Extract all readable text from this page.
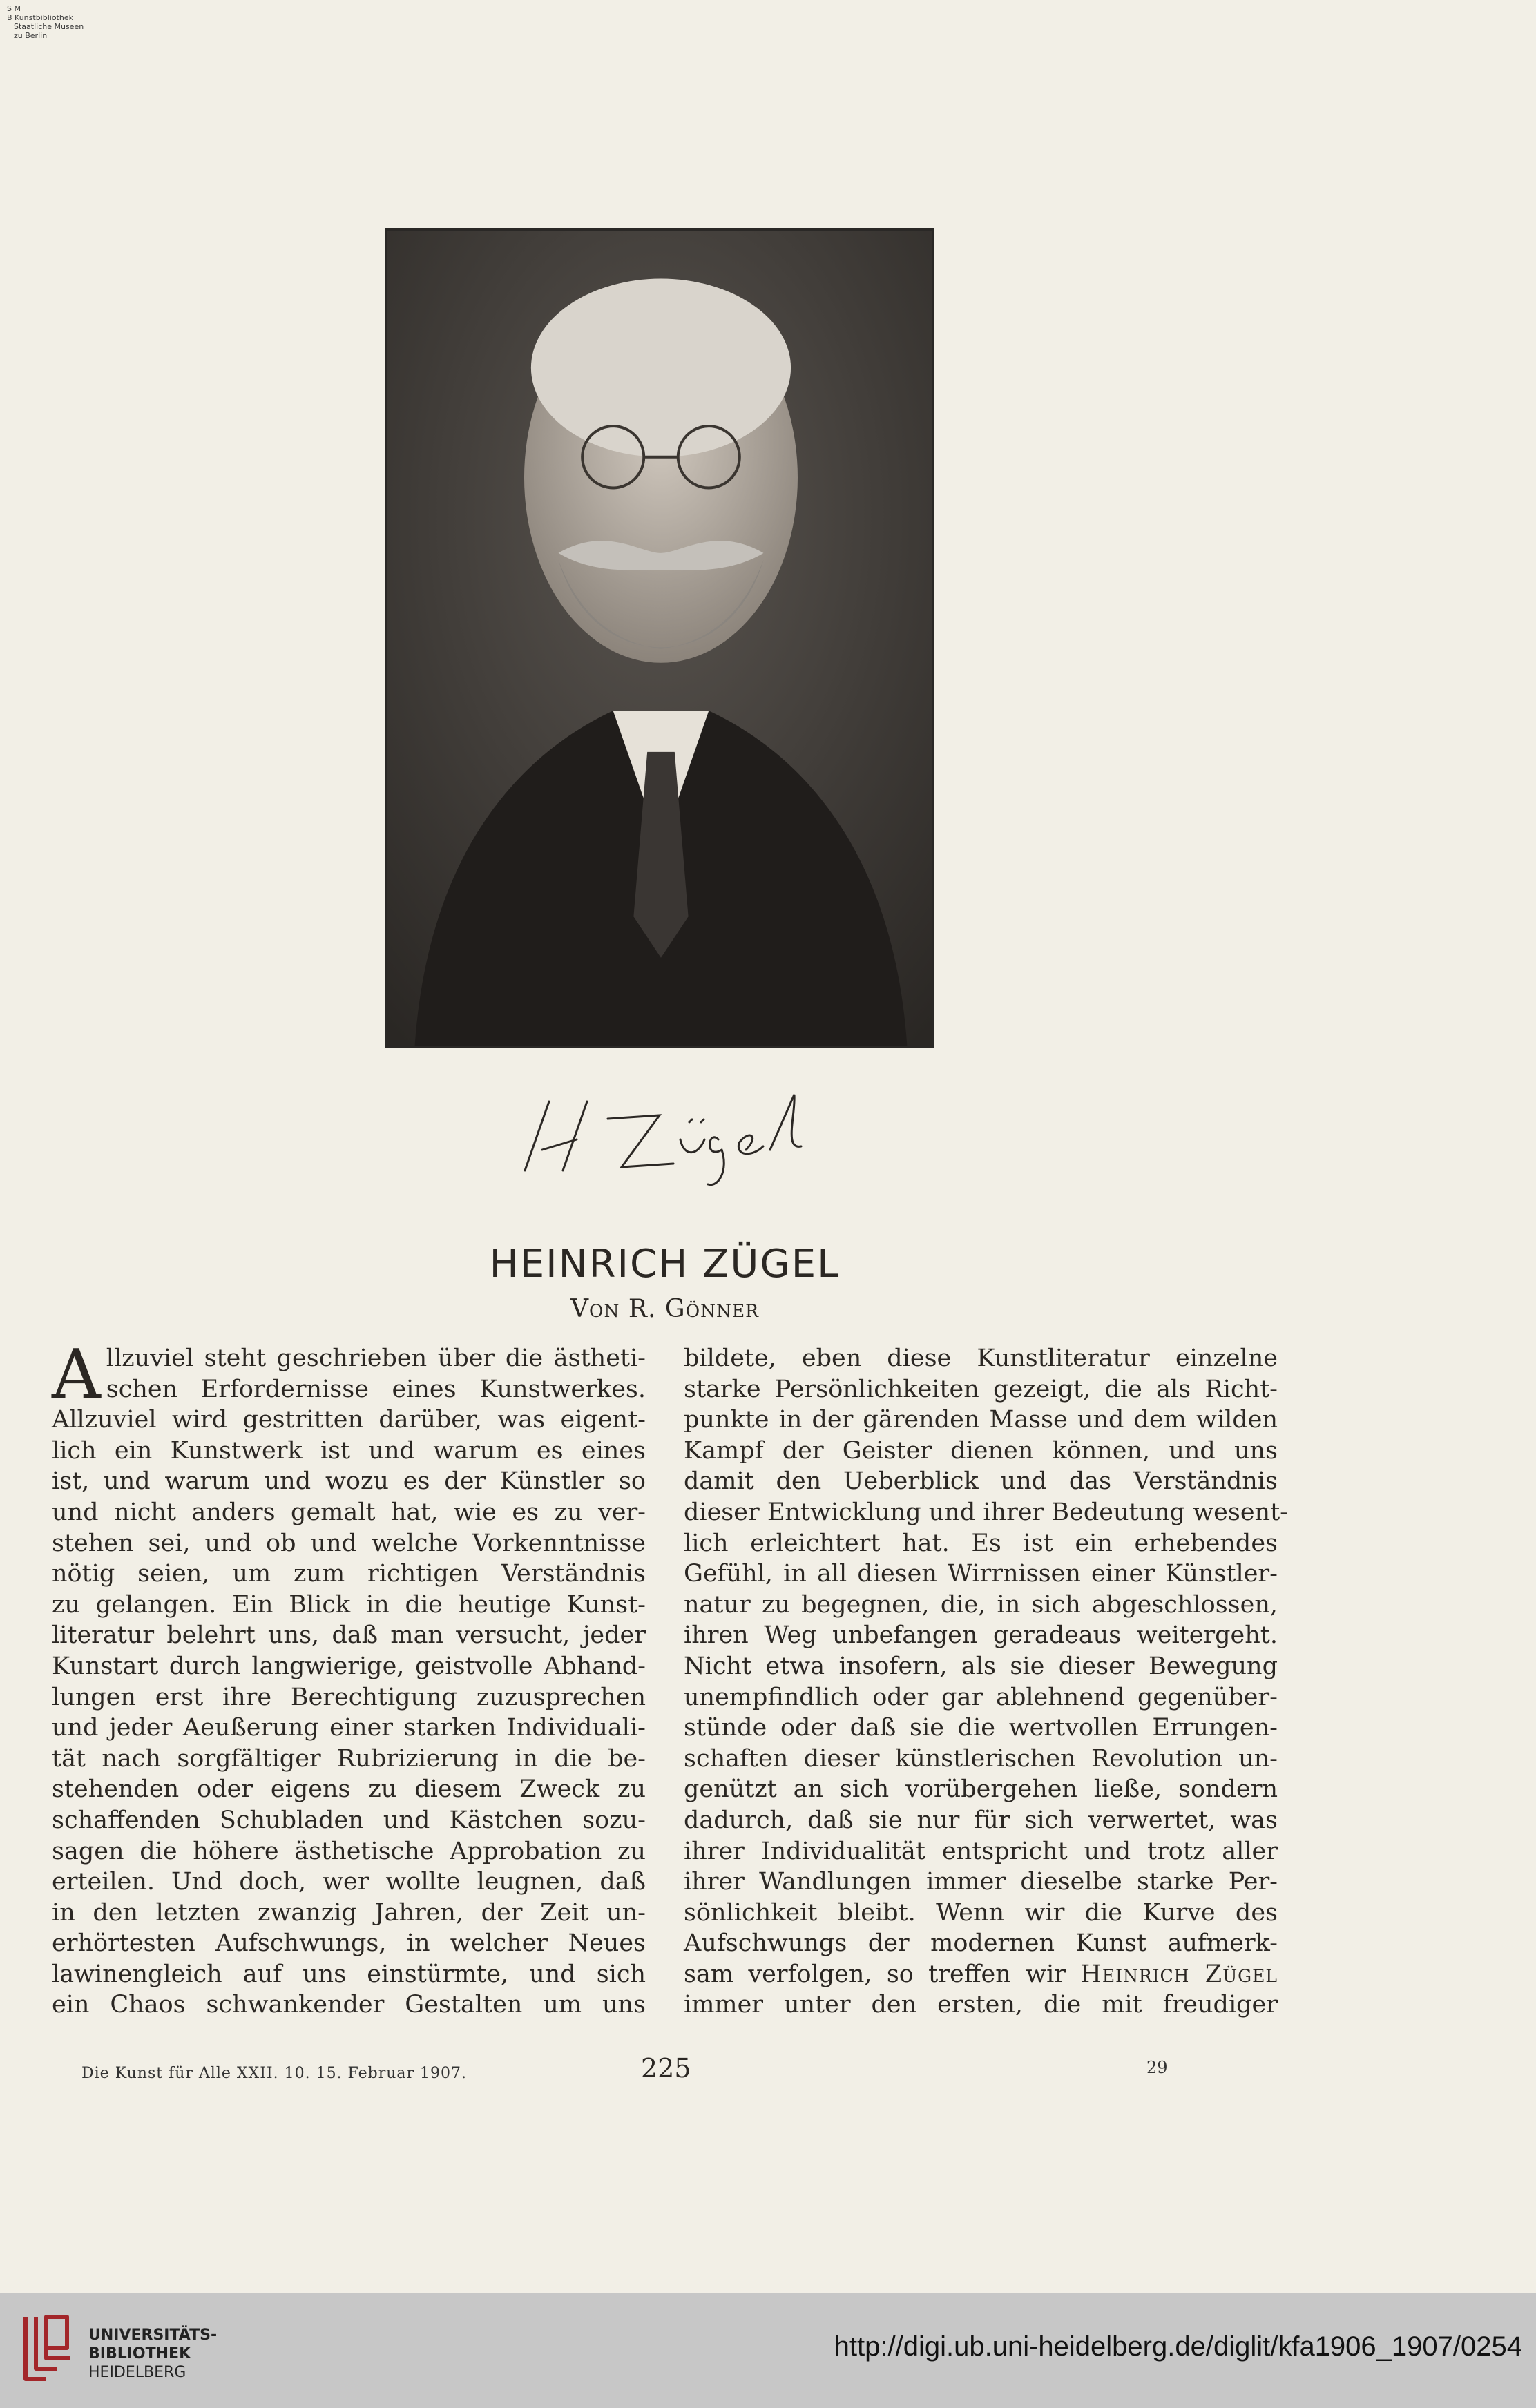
S M
B Kunstbibliothek
Staatliche Museen
zu Berlin
HEINRICH ZÜGEL
Von R. Gönner
A llzuviel steht geschrieben über die ästheti-
schen Erfordernisse eines Kunstwerkes.
Allzuviel wird gestritten darüber, was eigent-
lich ein Kunstwerk ist und warum es eines
ist, und warum und wozu es der Künstler so
und nicht anders gemalt hat, wie es zu ver-
stehen sei, und ob und welche Vorkenntnisse
nötig seien, um zum richtigen Verständnis
zu gelangen. Ein Blick in die heutige Kunst-
literatur belehrt uns, daß man versucht, jeder
Kunstart durch langwierige, geistvolle Abhand-
lungen erst ihre Berechtigung zuzusprechen
und jeder Aeußerung einer starken Individuali-
tät nach sorgfältiger Rubrizierung in die be-
stehenden oder eigens zu diesem Zweck zu
schaffenden Schubladen und Kästchen sozu-
sagen die höhere ästhetische Approbation zu
erteilen. Und doch, wer wollte leugnen, daß
in den letzten zwanzig Jahren, der Zeit un-
erhörtesten Aufschwungs, in welcher Neues
lawinengleich auf uns einstürmte, und sich
ein Chaos schwankender Gestalten um uns
bildete, eben diese Kunstliteratur einzelne
starke Persönlichkeiten gezeigt, die als Richt-
punkte in der gärenden Masse und dem wilden
Kampf der Geister dienen können, und uns
damit den Ueberblick und das Verständnis
dieser Entwicklung und ihrer Bedeutung wesent-
lich erleichtert hat. Es ist ein erhebendes
Gefühl, in all diesen Wirrnissen einer Künstler-
natur zu begegnen, die, in sich abgeschlossen,
ihren Weg unbefangen geradeaus weitergeht.
Nicht etwa insofern, als sie dieser Bewegung
unempfindlich oder gar ablehnend gegenüber-
stünde oder daß sie die wertvollen Errungen-
schaften dieser künstlerischen Revolution un-
genützt an sich vorübergehen ließe, sondern
dadurch, daß sie nur für sich verwertet, was
ihrer Individualität entspricht und trotz aller
ihrer Wandlungen immer dieselbe starke Per-
sönlichkeit bleibt. Wenn wir die Kurve des
Aufschwungs der modernen Kunst aufmerk-
sam verfolgen, so treffen wir Heinrich Zügel
immer unter den ersten, die mit freudiger
Die Kunst für Alle XXII. 10. 15. Februar 1907.	225	29
UNIVERSITÄTS-
BIBLIOTHEK
HEIDELBERG
http://digi.ub.uni-heidelberg.de/diglit/kfa1906_1907/0254
